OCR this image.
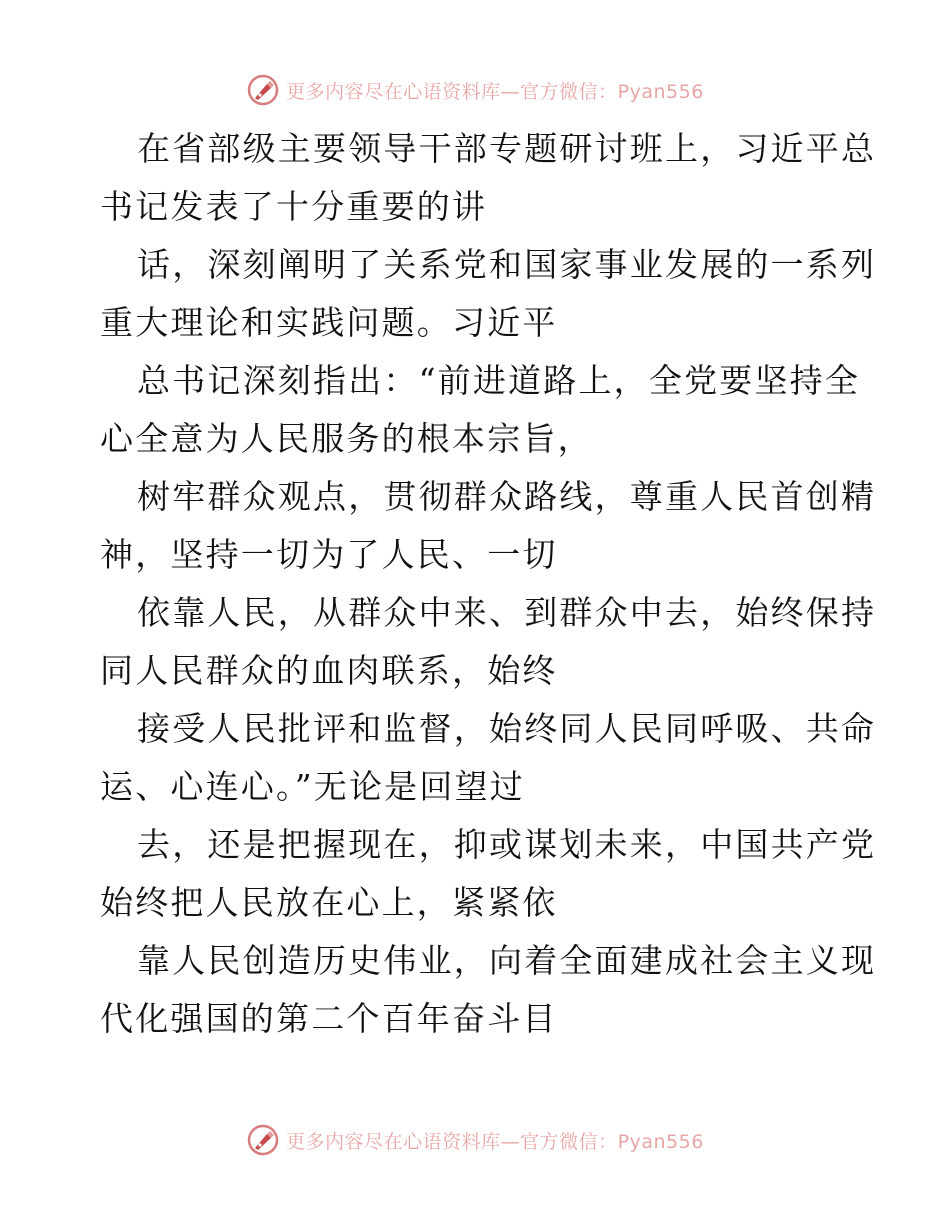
更多内容尽在心语资料库—官方微信：Pyan556

在省部级主要领导干部专题研讨班上，习近平总
书记发表了十分重要的讲

话，深刻阐明了关系党和国家事业发展的一系列
重大理论和实践问题。习近平

总书记深刻指出：“前进道路上，全党要坚持全
心全意为人民服务的根本宗旨，

树牢群众观点，贯彻群众路线，尊重人民首创精
神，坚持一切为了人民、一切

依靠人民，从群众中来、到群众中去，始终保持
同人民群众的血肉联系，始终

接受人民批评和监督，始终同人民同呼吸、共命
运、心连心。”无论是回望过

去，还是把握现在，抑或谋划未来，中国共产党
始终把人民放在心上，紧紧依

靠人民创造历史伟业，向着全面建成社会主义现
代化强国的第二个百年奋斗目

更多内容尽在心语资料库—官方微信：Pyan556
